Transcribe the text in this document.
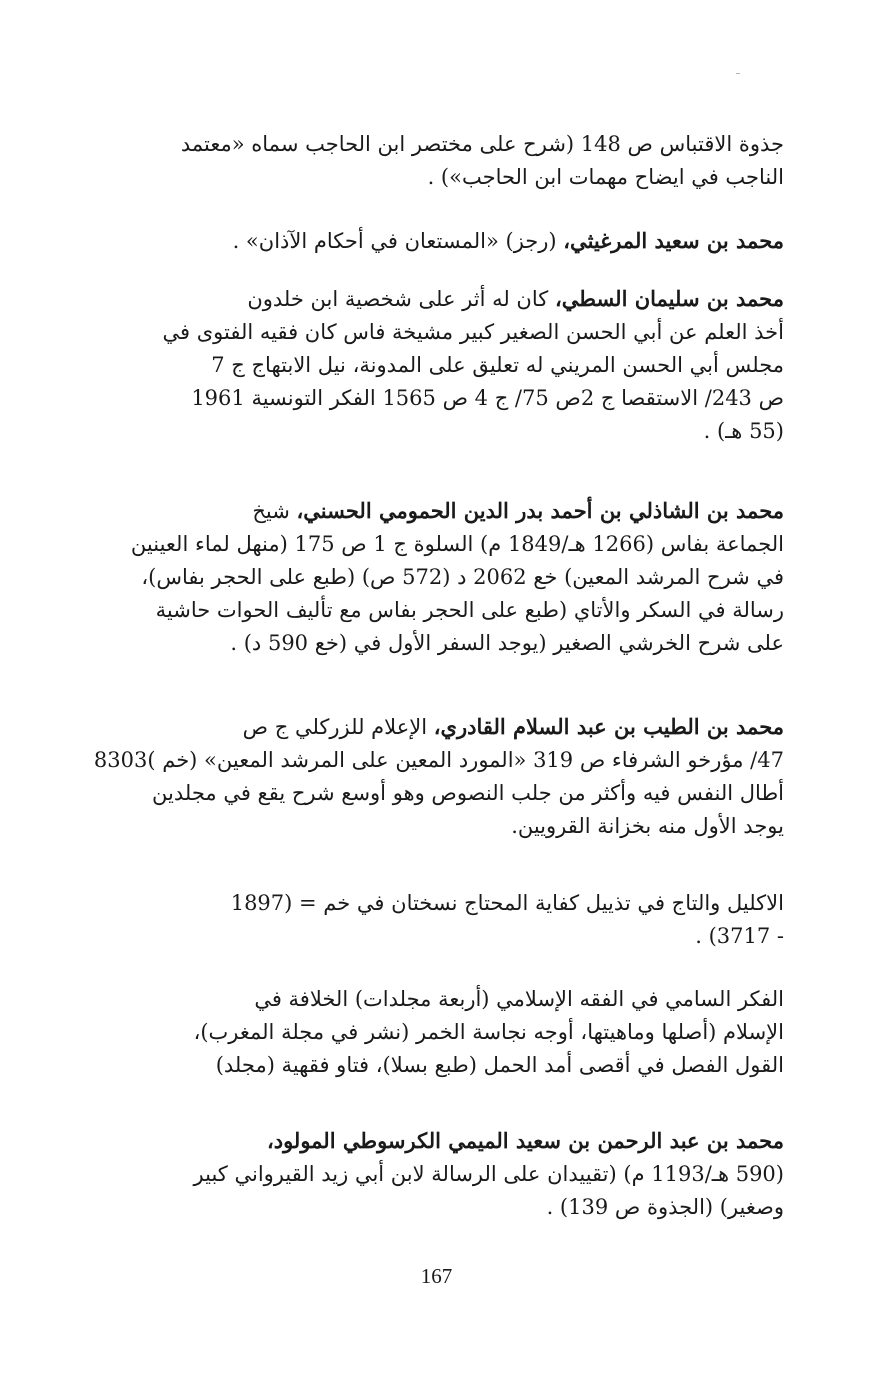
جذوة الاقتباس ص 148 (شرح على مختصر ابن الحاجب سماه «معتمد
الناجب في ايضاح مهمات ابن الحاجب») .
محمد بن سعيد المرغيثي، (رجز) «المستعان في أحكام الآذان» .
محمد بن سليمان السطي، كان له أثر على شخصية ابن خلدون
أخذ العلم عن أبي الحسن الصغير كبير مشيخة فاس كان فقيه الفتوى في
مجلس أبي الحسن المريني له تعليق على المدونة، نيل الابتهاج ج 7
ص 243/ الاستقصا ج 2ص 75/ ج 4 ص 1565 الفكر التونسية 1961
(55 هـ) .
محمد بن الشاذلي بن أحمد بدر الدين الحمومي الحسني، شيخ
الجماعة بفاس (1266 هـ/1849 م) السلوة ج 1 ص 175 (منهل لماء العينين
في شرح المرشد المعين) خع 2062 د (572 ص) (طبع على الحجر بفاس)،
رسالة في السكر والأتاي (طبع على الحجر بفاس مع تأليف الحوات حاشية
على شرح الخرشي الصغير (يوجد السفر الأول في (خع 590 د) .
محمد بن الطيب بن عبد السلام القادري، الإعلام للزركلي ج ص
47/ مؤرخو الشرفاء ص 319 «المورد المعين على المرشد المعين» (خم )8303
أطال النفس فيه وأكثر من جلب النصوص وهو أوسع شرح يقع في مجلدين
يوجد الأول منه بخزانة القرويين.
الاكليل والتاج في تذييل كفاية المحتاج نسختان في خم = (1897
- 3717) .
الفكر السامي في الفقه الإسلامي (أربعة مجلدات) الخلافة في
الإسلام (أصلها وماهيتها، أوجه نجاسة الخمر (نشر في مجلة المغرب)،
القول الفصل في أقصى أمد الحمل (طبع بسلا)، فتاو فقهية (مجلد)
محمد بن عبد الرحمن بن سعيد الميمي الكرسوطي المولود،
(590 هـ/1193 م) (تقييدان على الرسالة لابن أبي زيد القيرواني كبير
وصغير) (الجذوة ص 139) .
167
